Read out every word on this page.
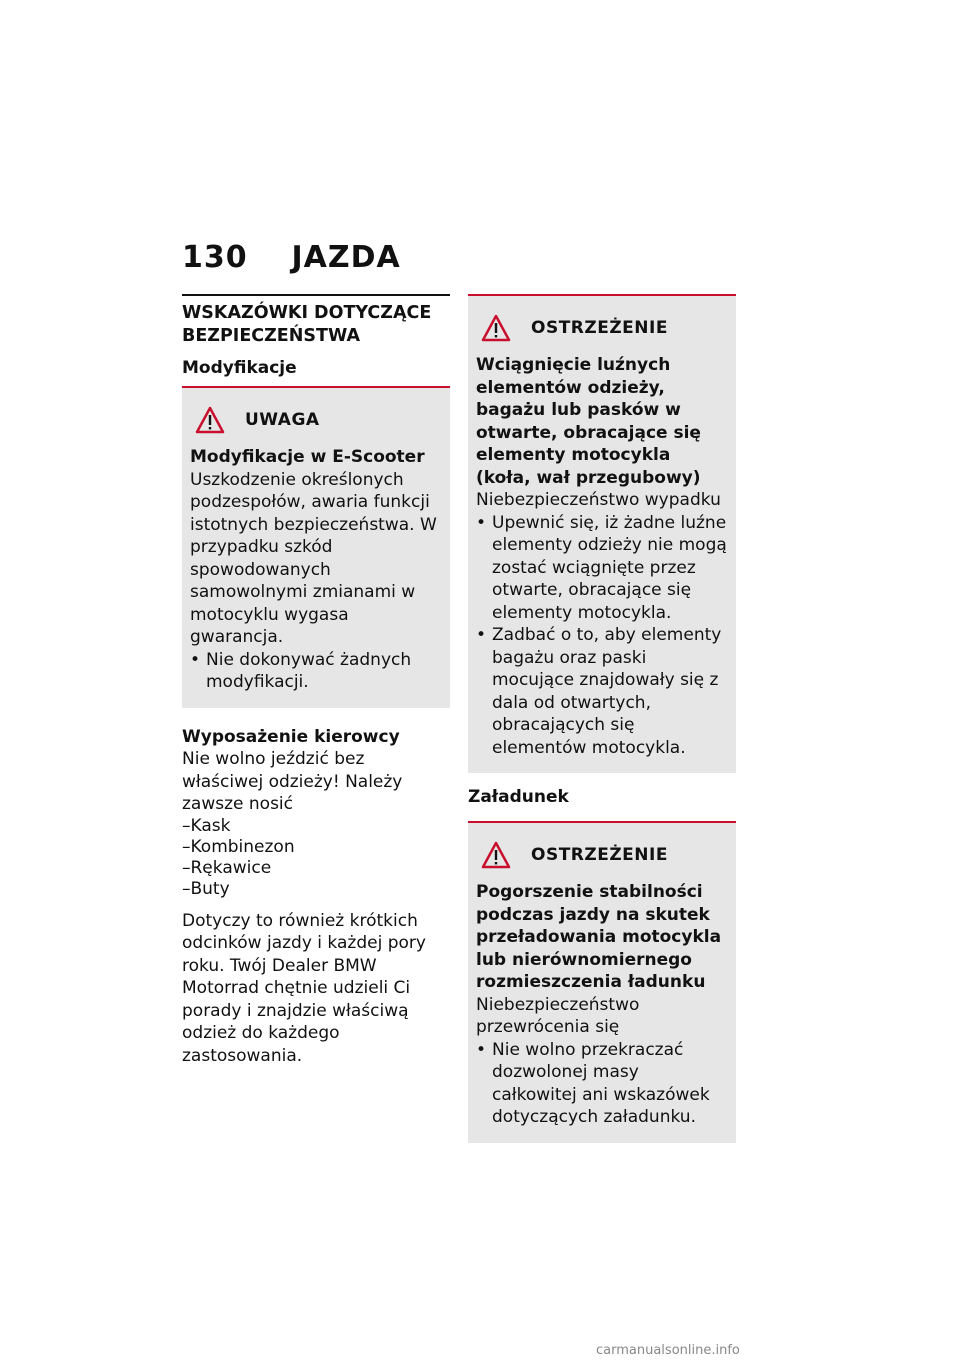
130 JAZDA
WSKAZÓWKI DOTYCZĄCE BEZPIECZEŃSTWA
Modyfikacje
UWAGA
Modyfikacje w E-Scooter
Uszkodzenie określonych podzespołów, awaria funkcji istotnych bezpieczeństwa. W przypadku szkód spowodowanych samowolnymi zmianami w motocyklu wygasa gwarancja.
• Nie dokonywać żadnych modyfikacji.
Wyposażenie kierowcy
Nie wolno jeździć bez właściwej odzieży! Należy zawsze nosić
–Kask
–Kombinezon
–Rękawice
–Buty
Dotyczy to również krótkich odcinków jazdy i każdej pory roku. Twój Dealer BMW Motorrad chętnie udzieli Ci porady i znajdzie właściwą odzież do każdego zastosowania.
OSTRZEŻENIE
Wciągnięcie luźnych elementów odzieży, bagażu lub pasków w otwarte, obracające się elementy motocykla (koła, wał przegubowy)
Niebezpieczeństwo wypadku
• Upewnić się, iż żadne luźne elementy odzieży nie mogą zostać wciągnięte przez otwarte, obracające się elementy motocykla.
• Zadbać o to, aby elementy bagażu oraz paski mocujące znajdowały się z dala od otwartych, obracających się elementów motocykla.
Załadunek
OSTRZEŻENIE
Pogorszenie stabilności podczas jazdy na skutek przeładowania motocykla lub nierównomiernego rozmieszczenia ładunku
Niebezpieczeństwo przewrócenia się
• Nie wolno przekraczać dozwolonej masy całkowitej ani wskazówek dotyczących załadunku.
carmanualsonline.info
